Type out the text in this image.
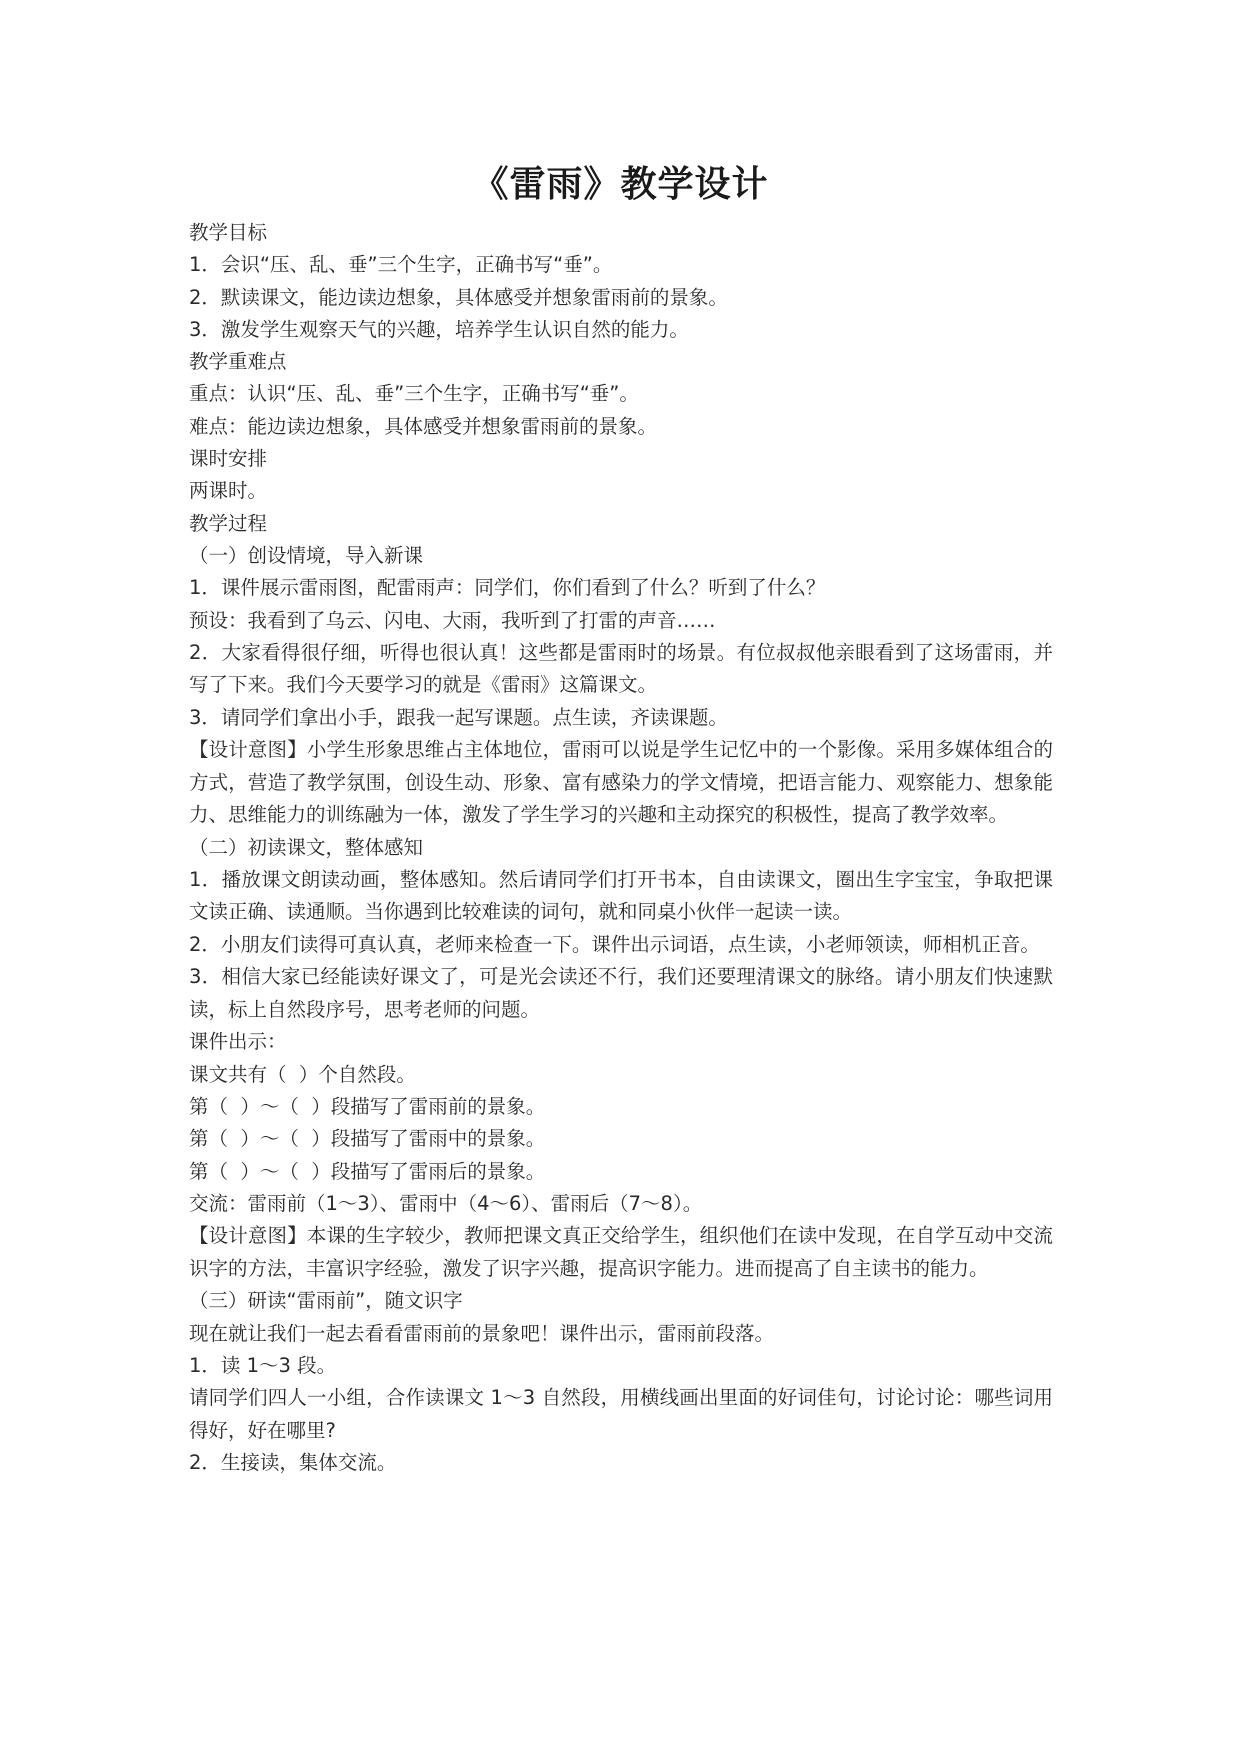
《雷雨》教学设计
教学目标
1．会识“压、乱、垂”三个生字，正确书写“垂”。
2．默读课文，能边读边想象，具体感受并想象雷雨前的景象。
3．激发学生观察天气的兴趣，培养学生认识自然的能力。
教学重难点
重点：认识“压、乱、垂”三个生字，正确书写“垂”。
难点：能边读边想象，具体感受并想象雷雨前的景象。
课时安排
两课时。
教学过程
（一）创设情境，导入新课
1．课件展示雷雨图，配雷雨声：同学们，你们看到了什么？听到了什么？
预设：我看到了乌云、闪电、大雨，我听到了打雷的声音……
2．大家看得很仔细，听得也很认真！这些都是雷雨时的场景。有位叔叔他亲眼看到了这场雷雨，并写了下来。我们今天要学习的就是《雷雨》这篇课文。
3．请同学们拿出小手，跟我一起写课题。点生读，齐读课题。
【设计意图】小学生形象思维占主体地位，雷雨可以说是学生记忆中的一个影像。采用多媒体组合的方式，营造了教学氛围，创设生动、形象、富有感染力的学文情境，把语言能力、观察能力、想象能力、思维能力的训练融为一体，激发了学生学习的兴趣和主动探究的积极性，提高了教学效率。
（二）初读课文，整体感知
1．播放课文朗读动画，整体感知。然后请同学们打开书本，自由读课文，圈出生字宝宝，争取把课文读正确、读通顺。当你遇到比较难读的词句，就和同桌小伙伴一起读一读。
2．小朋友们读得可真认真，老师来检查一下。课件出示词语，点生读，小老师领读，师相机正音。
3．相信大家已经能读好课文了，可是光会读还不行，我们还要理清课文的脉络。请小朋友们快速默读，标上自然段序号，思考老师的问题。
课件出示：
课文共有（  ）个自然段。
第（  ）～（  ）段描写了雷雨前的景象。
第（  ）～（  ）段描写了雷雨中的景象。
第（  ）～（  ）段描写了雷雨后的景象。
交流：雷雨前（1～3）、雷雨中（4～6）、雷雨后（7～8）。
【设计意图】本课的生字较少，教师把课文真正交给学生，组织他们在读中发现，在自学互动中交流识字的方法，丰富识字经验，激发了识字兴趣，提高识字能力。进而提高了自主读书的能力。
（三）研读“雷雨前”，随文识字
现在就让我们一起去看看雷雨前的景象吧！课件出示，雷雨前段落。
1．读 1～3 段。
请同学们四人一小组，合作读课文 1～3 自然段，用横线画出里面的好词佳句，讨论讨论：哪些词用得好，好在哪里?
2．生接读，集体交流。
